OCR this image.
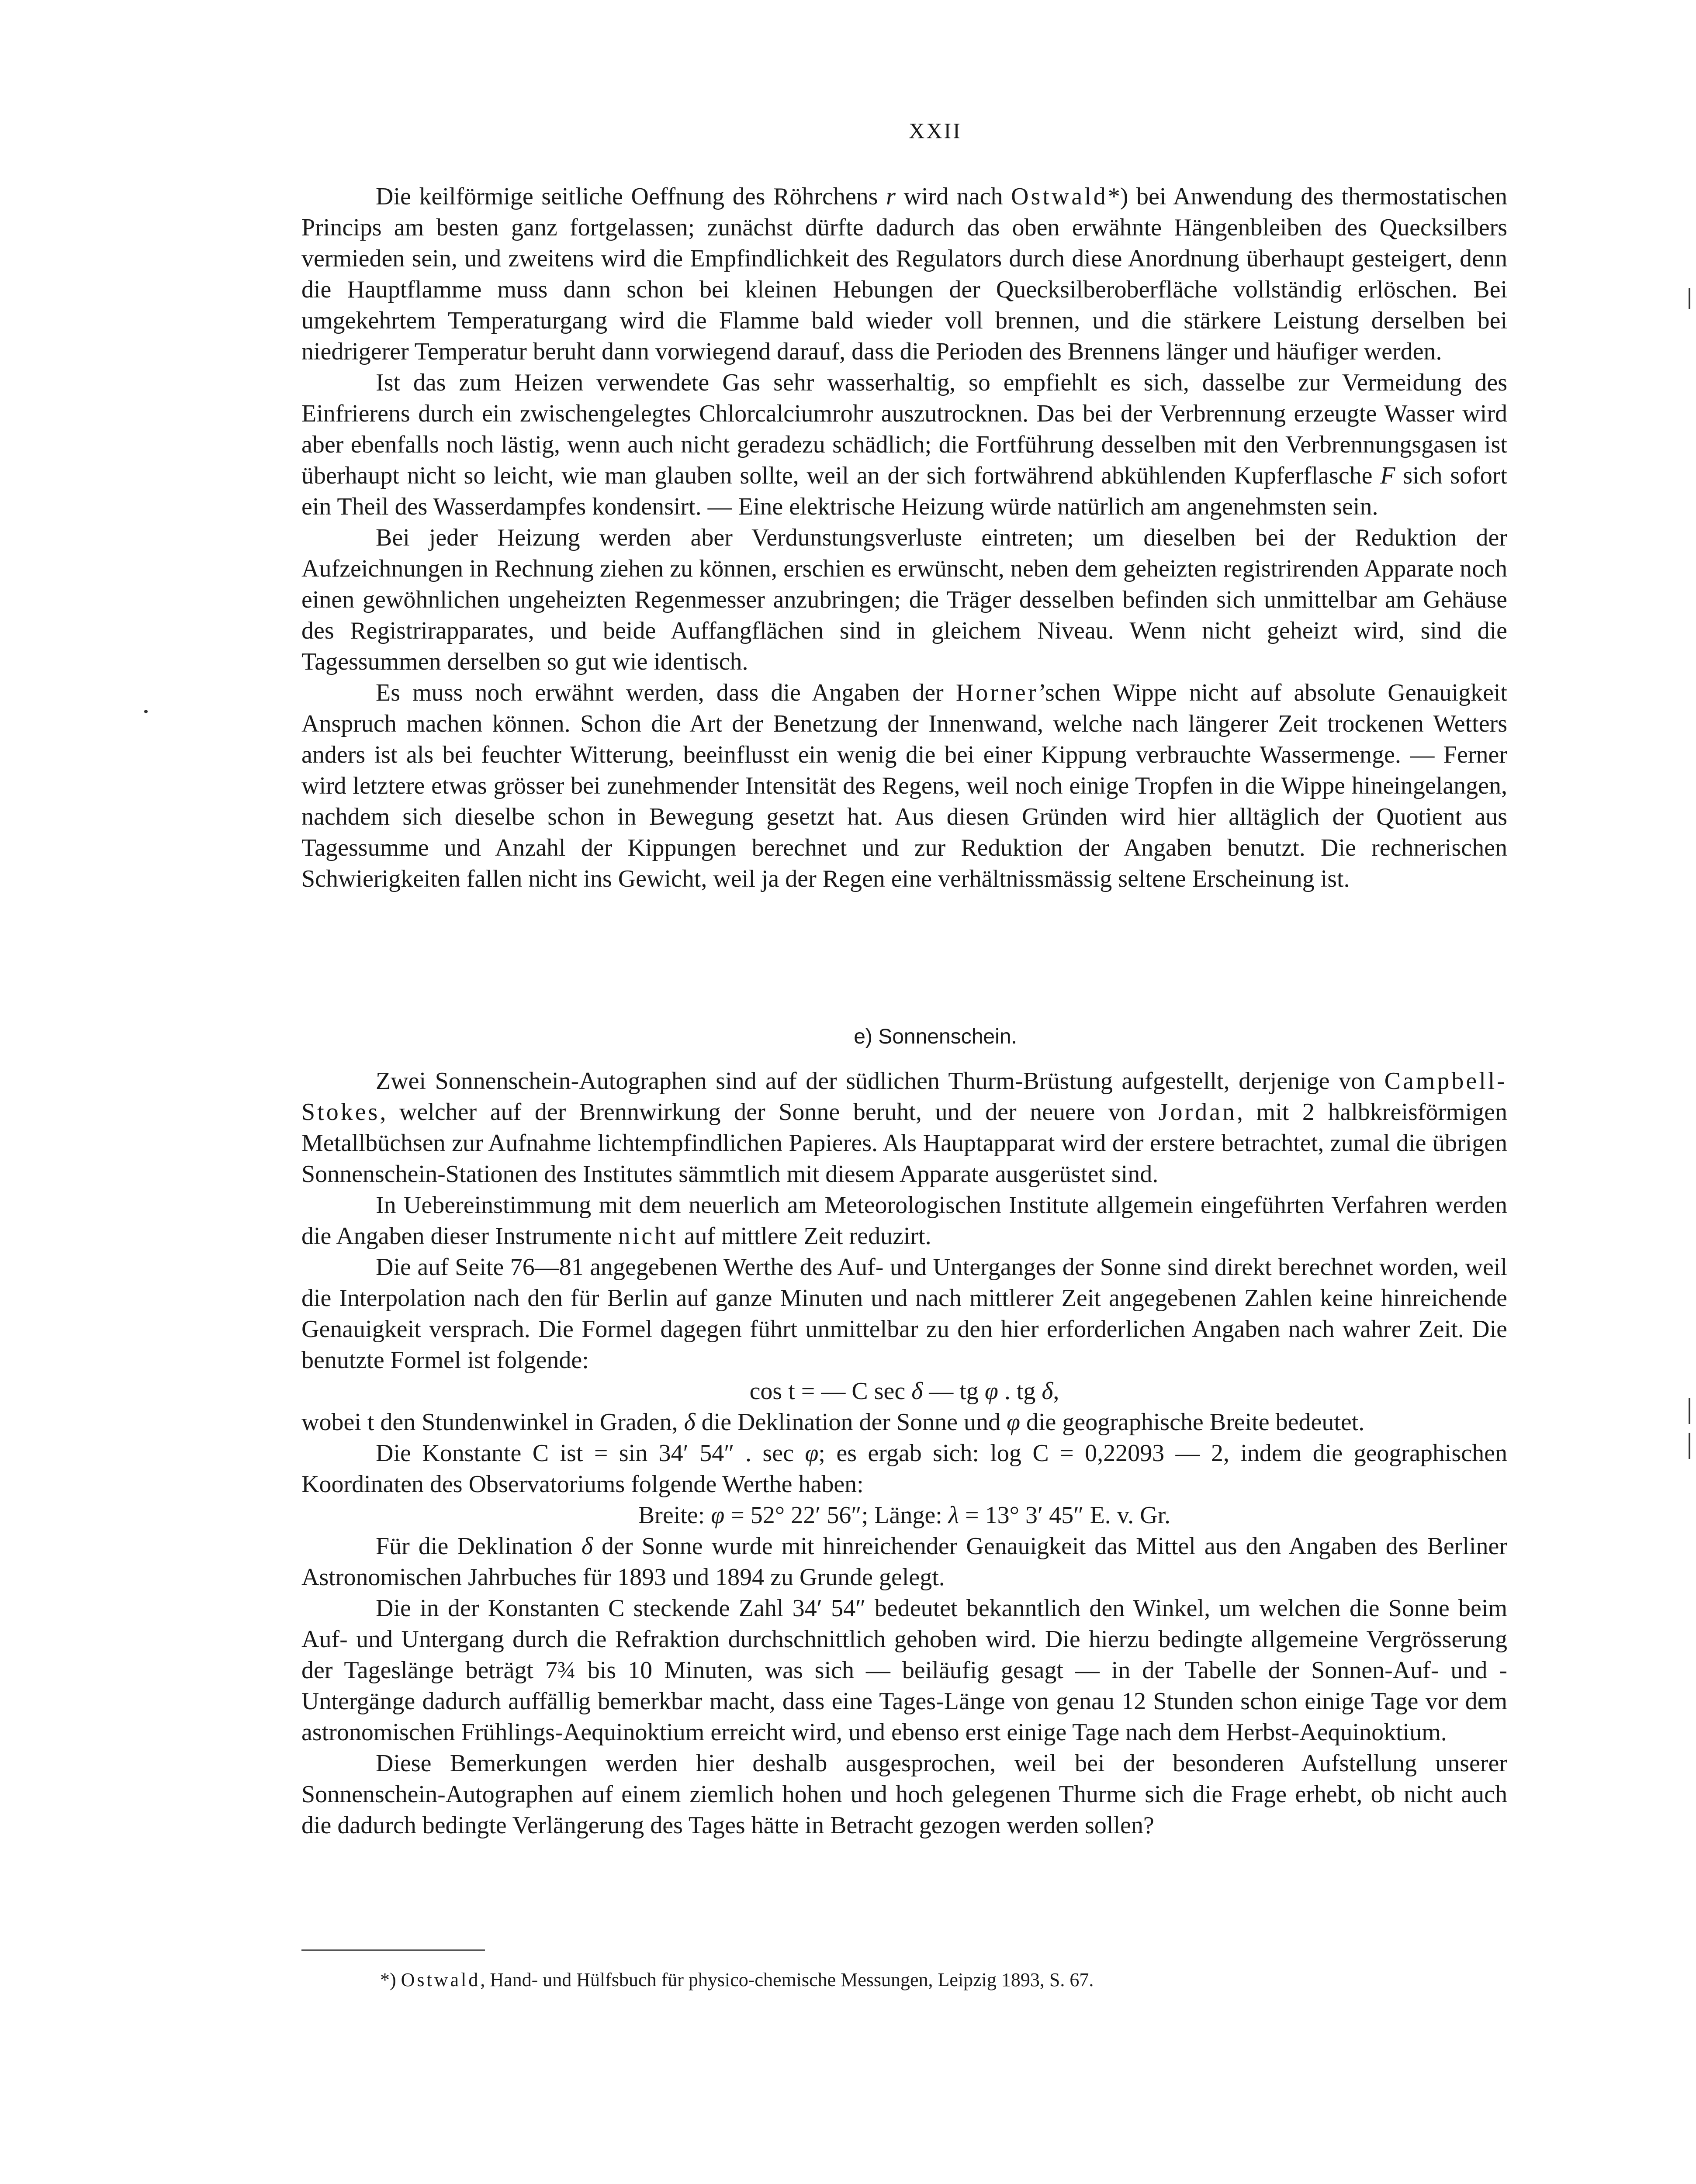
XXII

Die keilförmige seitliche Oeffnung des Röhrchens r wird nach Ostwald*) bei Anwendung des thermostatischen Princips am besten ganz fortgelassen; zunächst dürfte dadurch das oben erwähnte Hängenbleiben des Quecksilbers vermieden sein, und zweitens wird die Empfindlichkeit des Regulators durch diese Anordnung überhaupt gesteigert, denn die Hauptflamme muss dann schon bei kleinen Hebungen der Quecksilberoberfläche vollständig erlöschen. Bei umgekehrtem Temperaturgang wird die Flamme bald wieder voll brennen, und die stärkere Leistung derselben bei niedrigerer Temperatur beruht dann vorwiegend darauf, dass die Perioden des Brennens länger und häufiger werden.

Ist das zum Heizen verwendete Gas sehr wasserhaltig, so empfiehlt es sich, dasselbe zur Vermeidung des Einfrierens durch ein zwischengelegtes Chlorcalciumrohr auszutrocknen. Das bei der Verbrennung erzeugte Wasser wird aber ebenfalls noch lästig, wenn auch nicht geradezu schädlich; die Fortführung desselben mit den Verbrennungsgasen ist überhaupt nicht so leicht, wie man glauben sollte, weil an der sich fortwährend abkühlenden Kupferflasche F sich sofort ein Theil des Wasserdampfes kondensirt. — Eine elektrische Heizung würde natürlich am angenehmsten sein.

Bei jeder Heizung werden aber Verdunstungsverluste eintreten; um dieselben bei der Reduktion der Aufzeichnungen in Rechnung ziehen zu können, erschien es erwünscht, neben dem geheizten registrirenden Apparate noch einen gewöhnlichen ungeheizten Regenmesser anzubringen; die Träger desselben befinden sich unmittelbar am Gehäuse des Registrirapparates, und beide Auffangflächen sind in gleichem Niveau. Wenn nicht geheizt wird, sind die Tagessummen derselben so gut wie identisch.

Es muss noch erwähnt werden, dass die Angaben der Horner’schen Wippe nicht auf absolute Genauigkeit Anspruch machen können. Schon die Art der Benetzung der Innenwand, welche nach längerer Zeit trockenen Wetters anders ist als bei feuchter Witterung, beeinflusst ein wenig die bei einer Kippung verbrauchte Wassermenge. — Ferner wird letztere etwas grösser bei zunehmender Intensität des Regens, weil noch einige Tropfen in die Wippe hineingelangen, nachdem sich dieselbe schon in Bewegung gesetzt hat. Aus diesen Gründen wird hier alltäglich der Quotient aus Tagessumme und Anzahl der Kippungen berechnet und zur Reduktion der Angaben benutzt. Die rechnerischen Schwierigkeiten fallen nicht ins Gewicht, weil ja der Regen eine verhältnissmässig seltene Erscheinung ist.

e) Sonnenschein.

Zwei Sonnenschein-Autographen sind auf der südlichen Thurm-Brüstung aufgestellt, derjenige von Campbell-Stokes, welcher auf der Brennwirkung der Sonne beruht, und der neuere von Jordan, mit 2 halbkreisförmigen Metallbüchsen zur Aufnahme lichtempfindlichen Papieres. Als Hauptapparat wird der erstere betrachtet, zumal die übrigen Sonnenschein-Stationen des Institutes sämmtlich mit diesem Apparate ausgerüstet sind.

In Uebereinstimmung mit dem neuerlich am Meteorologischen Institute allgemein eingeführten Verfahren werden die Angaben dieser Instrumente nicht auf mittlere Zeit reduzirt.

Die auf Seite 76—81 angegebenen Werthe des Auf- und Unterganges der Sonne sind direkt berechnet worden, weil die Interpolation nach den für Berlin auf ganze Minuten und nach mittlerer Zeit angegebenen Zahlen keine hinreichende Genauigkeit versprach. Die Formel dagegen führt unmittelbar zu den hier erforderlichen Angaben nach wahrer Zeit. Die benutzte Formel ist folgende:

cos t = — C sec δ — tg φ . tg δ,

wobei t den Stundenwinkel in Graden, δ die Deklination der Sonne und φ die geographische Breite bedeutet.

Die Konstante C ist = sin 34′ 54″ . sec φ; es ergab sich: log C = 0,22093 — 2, indem die geographischen Koordinaten des Observatoriums folgende Werthe haben:

Breite: φ = 52° 22′ 56″; Länge: λ = 13° 3′ 45″ E. v. Gr.

Für die Deklination δ der Sonne wurde mit hinreichender Genauigkeit das Mittel aus den Angaben des Berliner Astronomischen Jahrbuches für 1893 und 1894 zu Grunde gelegt.

Die in der Konstanten C steckende Zahl 34′ 54″ bedeutet bekanntlich den Winkel, um welchen die Sonne beim Auf- und Untergang durch die Refraktion durchschnittlich gehoben wird. Die hierzu bedingte allgemeine Vergrösserung der Tageslänge beträgt 7¾ bis 10 Minuten, was sich — beiläufig gesagt — in der Tabelle der Sonnen-Auf- und -Untergänge dadurch auffällig bemerkbar macht, dass eine Tages-Länge von genau 12 Stunden schon einige Tage vor dem astronomischen Frühlings-Aequinoktium erreicht wird, und ebenso erst einige Tage nach dem Herbst-Aequinoktium.

Diese Bemerkungen werden hier deshalb ausgesprochen, weil bei der besonderen Aufstellung unserer Sonnenschein-Autographen auf einem ziemlich hohen und hoch gelegenen Thurme sich die Frage erhebt, ob nicht auch die dadurch bedingte Verlängerung des Tages hätte in Betracht gezogen werden sollen?

*) Ostwald, Hand- und Hülfsbuch für physico-chemische Messungen, Leipzig 1893, S. 67.
